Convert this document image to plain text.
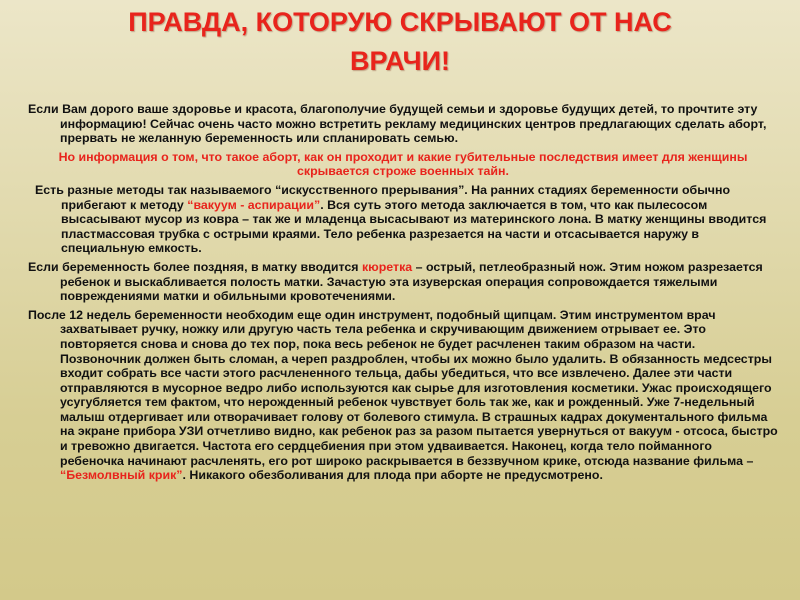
ПРАВДА, КОТОРУЮ СКРЫВАЮТ ОТ НАС
ВРАЧИ!
Если Вам дорого ваше здоровье и красота, благополучие будущей семьи и здоровье будущих детей, то прочтите эту информацию! Сейчас очень часто можно встретить рекламу медицинских центров предлагающих сделать аборт, прервать не желанную беременность или спланировать семью.
Но информация о том, что такое аборт, как он проходит и какие губительные последствия имеет для женщины скрывается строже военных тайн.
Есть разные методы так называемого “искусственного прерывания”. На ранних стадиях беременности обычно прибегают к методу “вакуум - аспирации”. Вся суть этого метода заключается в том, что как пылесосом высасывают мусор из ковра – так же и младенца высасывают из материнского лона. В матку женщины вводится пластмассовая трубка с острыми краями. Тело ребенка разрезается на части и отсасывается наружу в специальную емкость.
Если беременность более поздняя, в матку вводится кюретка – острый, петлеобразный нож. Этим ножом разрезается ребенок и выскабливается полость матки. Зачастую эта изуверская операция сопровождается тяжелыми повреждениями матки и обильными кровотечениями.
После 12 недель беременности необходим еще один инструмент, подобный щипцам. Этим инструментом врач захватывает ручку, ножку или другую часть тела ребенка и скручивающим движением отрывает ее. Это повторяется снова и снова до тех пор, пока весь ребенок не будет расчленен таким образом на части. Позвоночник должен быть сломан, а череп раздроблен, чтобы их можно было удалить. В обязанность медсестры входит собрать все части этого расчлененного тельца, дабы убедиться, что все извлечено. Далее эти части отправляются в мусорное ведро либо используются как сырье для изготовления косметики. Ужас происходящего усугубляется тем фактом, что нерожденный ребенок чувствует боль так же, как и рожденный. Уже 7-недельный малыш отдергивает или отворачивает голову от болевого стимула. В страшных кадрах документального фильма на экране прибора УЗИ отчетливо видно, как ребенок раз за разом пытается увернуться от вакуум - отсоса, быстро и тревожно двигается. Частота его сердцебиения при этом удваивается. Наконец, когда тело пойманного ребеночка начинают расчленять, его рот широко раскрывается в беззвучном крике, отсюда название фильма – “Безмолвный крик”. Никакого обезболивания для плода при аборте не предусмотрено.
